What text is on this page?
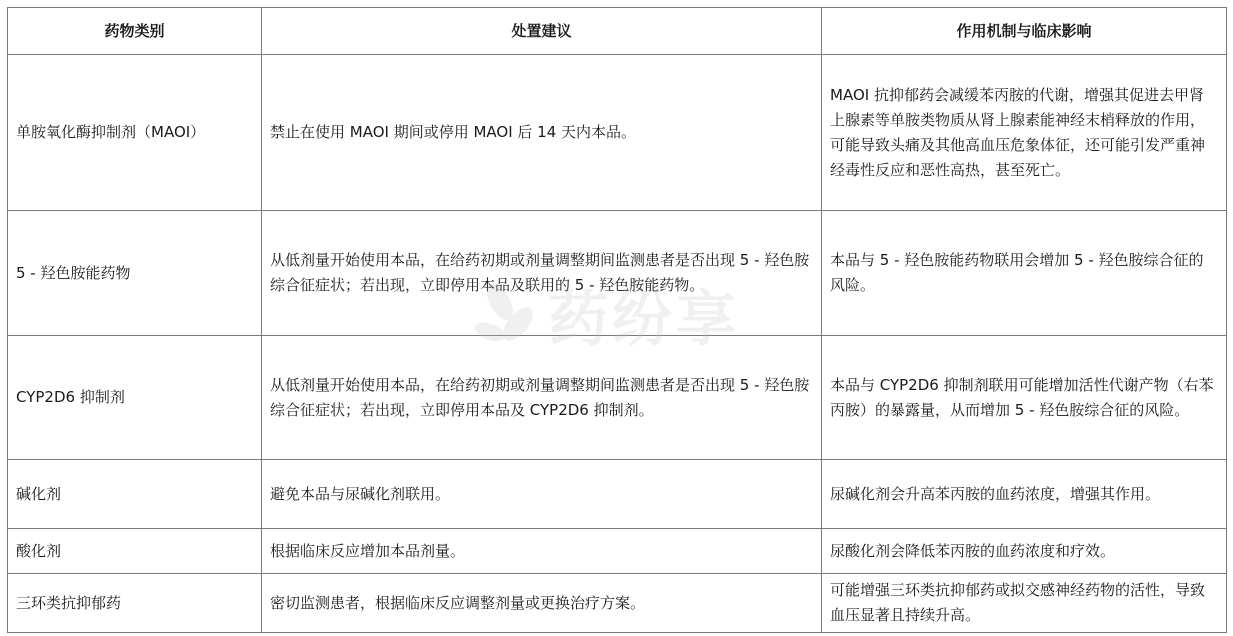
药物类别	处置建议	作用机制与临床影响
单胺氧化酶抑制剂（MAOI）	禁止在使用 MAOI 期间或停用 MAOI 后 14 天内本品。	MAOI 抗抑郁药会减缓苯丙胺的代谢，增强其促进去甲肾上腺素等单胺类物质从肾上腺素能神经末梢释放的作用，可能导致头痛及其他高血压危象体征，还可能引发严重神经毒性反应和恶性高热，甚至死亡。
5 - 羟色胺能药物	从低剂量开始使用本品，在给药初期或剂量调整期间监测患者是否出现 5 - 羟色胺综合征症状；若出现，立即停用本品及联用的 5 - 羟色胺能药物。	本品与 5 - 羟色胺能药物联用会增加 5 - 羟色胺综合征的风险。
CYP2D6 抑制剂	从低剂量开始使用本品，在给药初期或剂量调整期间监测患者是否出现 5 - 羟色胺综合征症状；若出现，立即停用本品及 CYP2D6 抑制剂。	本品与 CYP2D6 抑制剂联用可能增加活性代谢产物（右苯丙胺）的暴露量，从而增加 5 - 羟色胺综合征的风险。
碱化剂	避免本品与尿碱化剂联用。	尿碱化剂会升高苯丙胺的血药浓度，增强其作用。
酸化剂	根据临床反应增加本品剂量。	尿酸化剂会降低苯丙胺的血药浓度和疗效。
三环类抗抑郁药	密切监测患者，根据临床反应调整剂量或更换治疗方案。	可能增强三环类抗抑郁药或拟交感神经药物的活性，导致血压显著且持续升高。
药纷享
